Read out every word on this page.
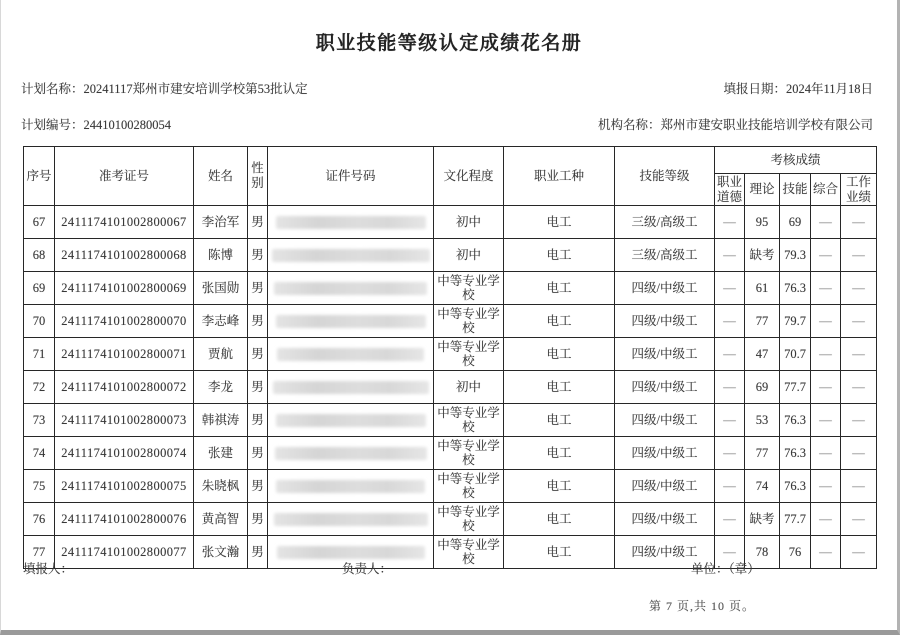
职业技能等级认定成绩花名册
计划名称：20241117郑州市建安培训学校第53批认定	填报日期：2024年11月18日
计划编号：24410100280054	机构名称：郑州市建安职业技能培训学校有限公司
序号	准考证号	姓名	性别	证件号码	文化程度	职业工种	技能等级	考核成绩				
								职业道德	理论	技能	综合	工作业绩
67	2411174101002800067	李治军	男		初中	电工	三级/高级工	—	95	69	—	—
68	2411174101002800068	陈博	男		初中	电工	三级/高级工	—	缺考	79.3	—	—
69	2411174101002800069	张国勋	男		中等专业学校	电工	四级/中级工	—	61	76.3	—	—
70	2411174101002800070	李志峰	男		中等专业学校	电工	四级/中级工	—	77	79.7	—	—
71	2411174101002800071	贾航	男		中等专业学校	电工	四级/中级工	—	47	70.7	—	—
72	2411174101002800072	李龙	男		初中	电工	四级/中级工	—	69	77.7	—	—
73	2411174101002800073	韩祺涛	男		中等专业学校	电工	四级/中级工	—	53	76.3	—	—
74	2411174101002800074	张建	男		中等专业学校	电工	四级/中级工	—	77	76.3	—	—
75	2411174101002800075	朱晓枫	男		中等专业学校	电工	四级/中级工	—	74	76.3	—	—
76	2411174101002800076	黄高智	男		中等专业学校	电工	四级/中级工	—	缺考	77.7	—	—
77	2411174101002800077	张文瀚	男		中等专业学校	电工	四级/中级工	—	78	76	—	—
填报人：	负责人：	单位：（章）
第 7 页,共 10 页。
